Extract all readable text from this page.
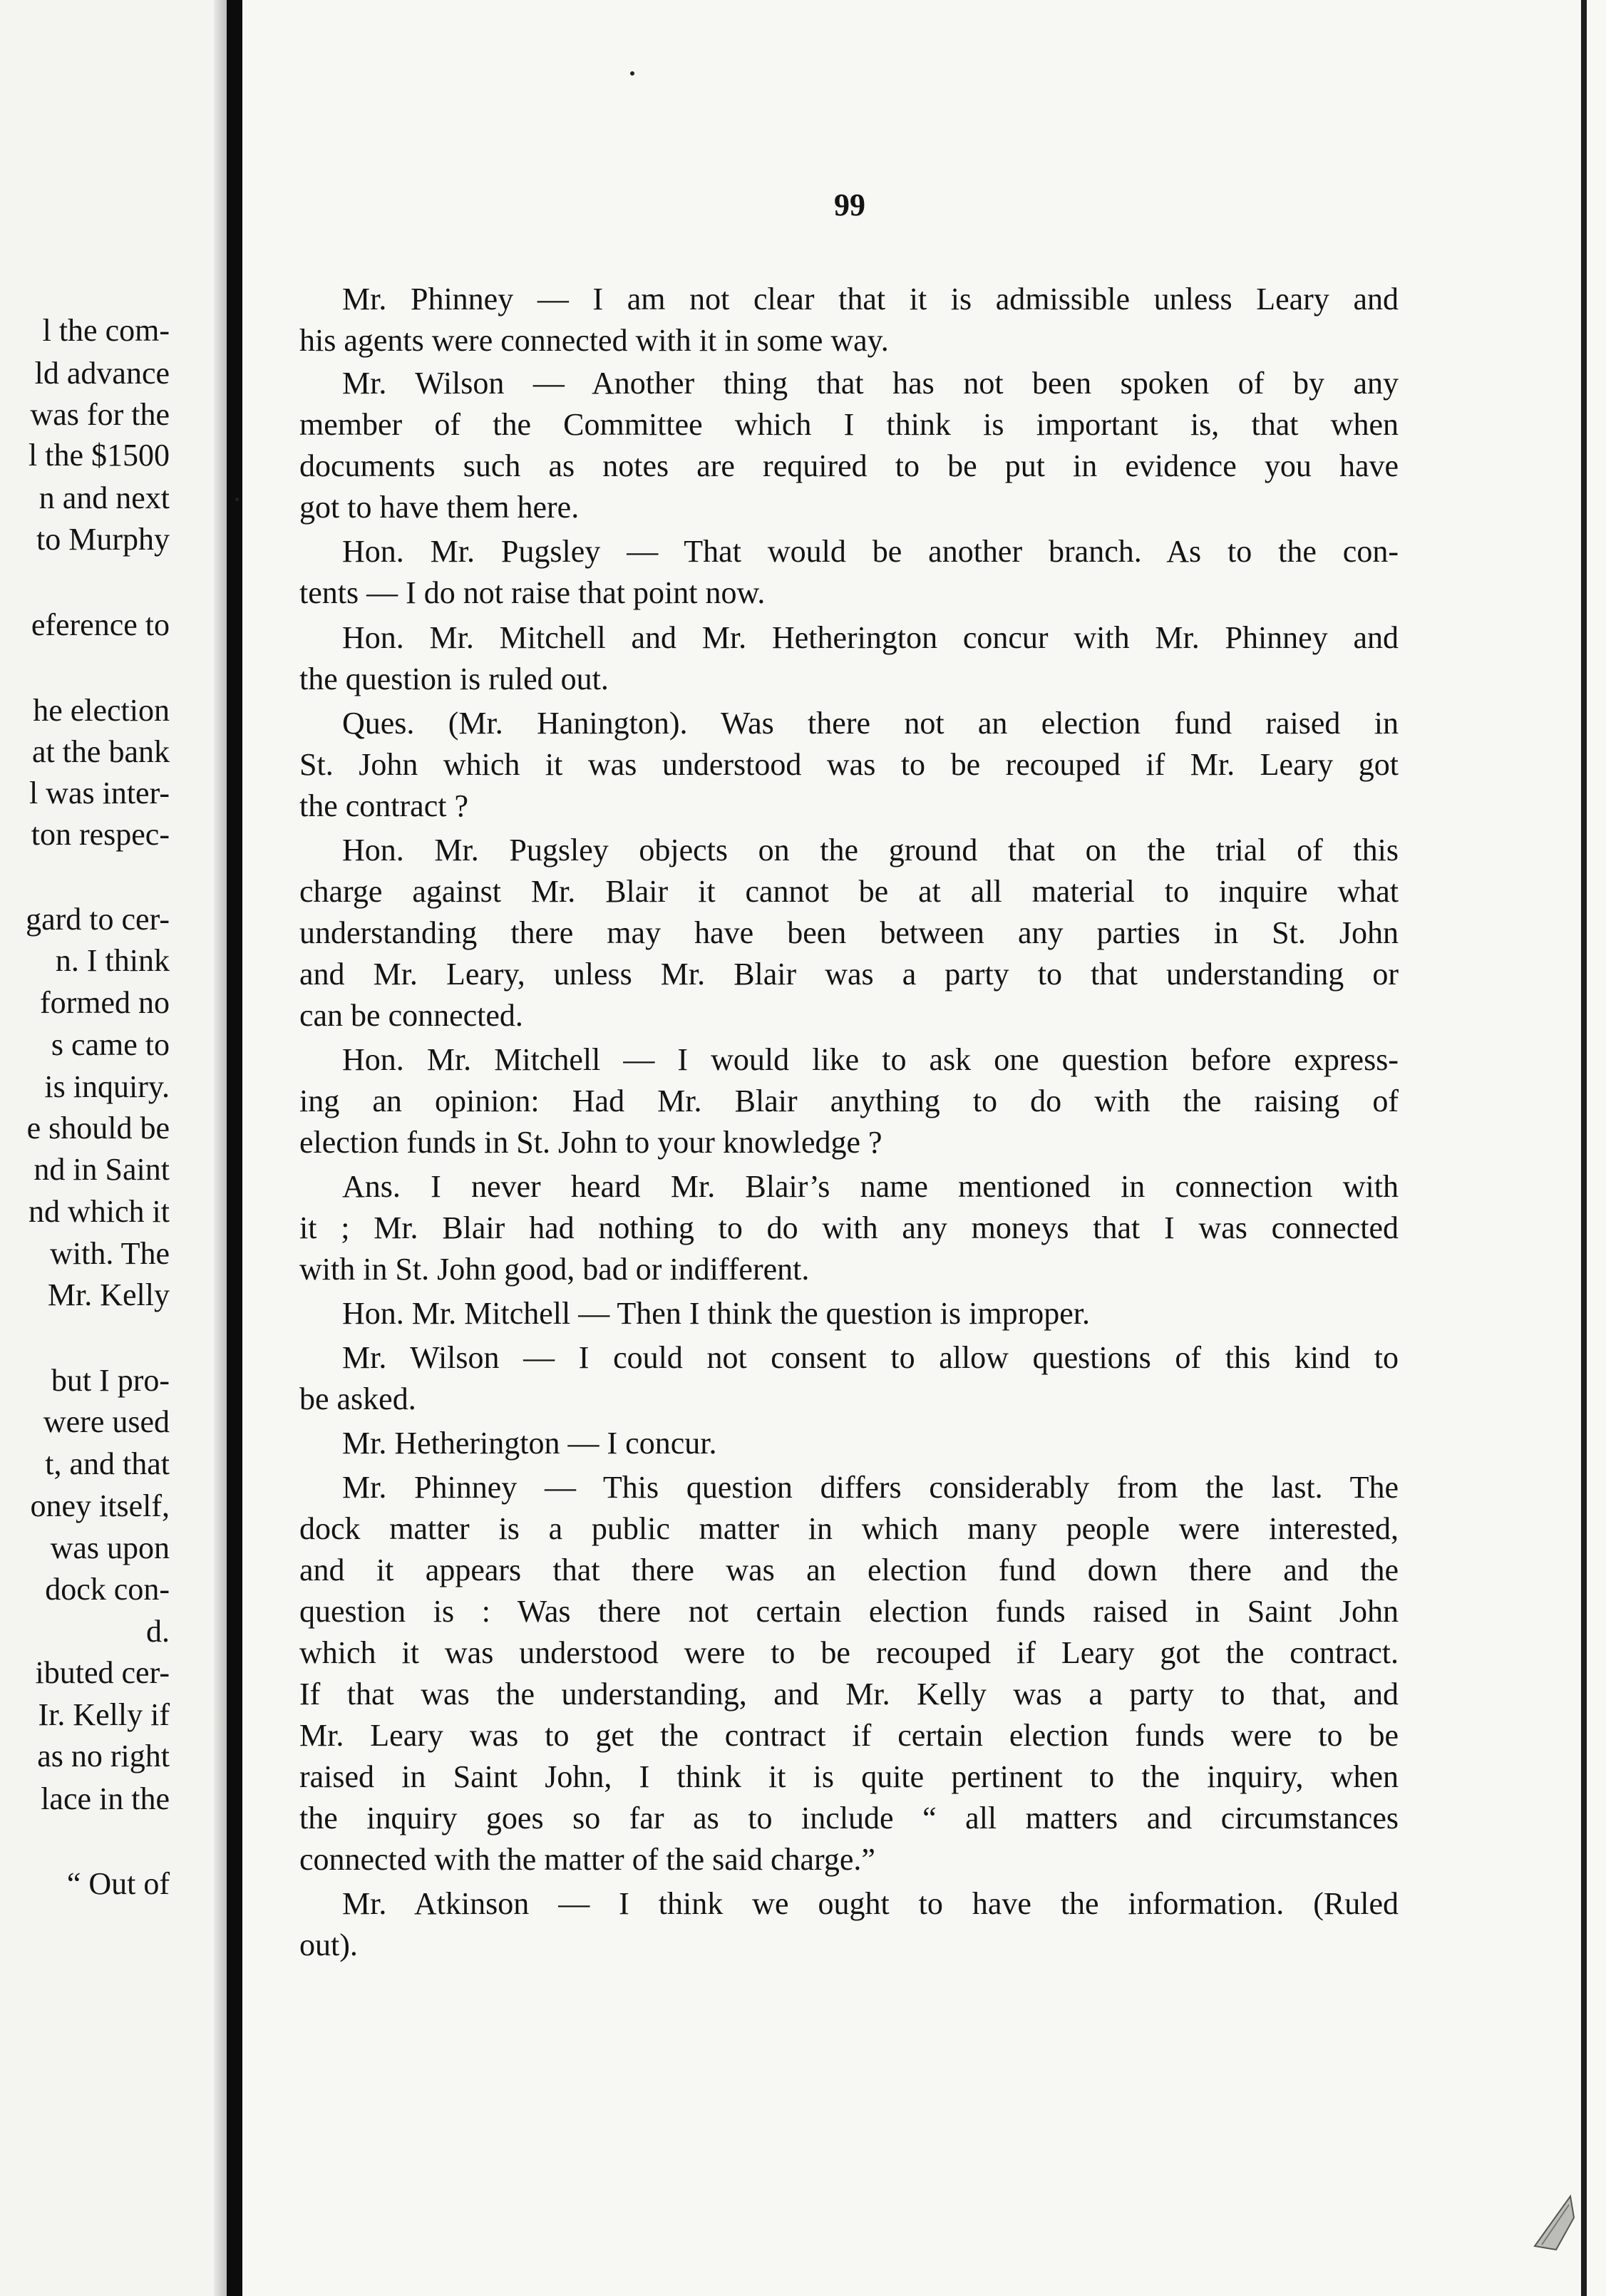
l the com-
ld advance
was for the
l the $1500
n and next
to Murphy
eference to
he election
at the bank
l was inter-
ton respec-
gard to cer-
n. I think
formed no
s came to
is inquiry.
e should be
nd in Saint
nd which it
with. The
Mr. Kelly
but I pro-
were used
t, and that
oney itself,
was upon
dock con-
d.
ibuted cer-
Ir. Kelly if
as no right
lace in the
“ Out of
99
Mr. Phinney — I am not clear that it is admissible unless Leary and
his agents were connected with it in some way.
Mr. Wilson — Another thing that has not been spoken of by any
member of the Committee which I think is important is, that when
documents such as notes are required to be put in evidence you have
got to have them here.
Hon. Mr. Pugsley — That would be another branch. As to the con-
tents — I do not raise that point now.
Hon. Mr. Mitchell and Mr. Hetherington concur with Mr. Phinney and
the question is ruled out.
Ques. (Mr. Hanington). Was there not an election fund raised in
St. John which it was understood was to be recouped if Mr. Leary got
the contract ?
Hon. Mr. Pugsley objects on the ground that on the trial of this
charge against Mr. Blair it cannot be at all material to inquire what
understanding there may have been between any parties in St. John
and Mr. Leary, unless Mr. Blair was a party to that understanding or
can be connected.
Hon. Mr. Mitchell — I would like to ask one question before express-
ing an opinion: Had Mr. Blair anything to do with the raising of
election funds in St. John to your knowledge ?
Ans. I never heard Mr. Blair’s name mentioned in connection with
it ; Mr. Blair had nothing to do with any moneys that I was connected
with in St. John good, bad or indifferent.
Hon. Mr. Mitchell — Then I think the question is improper.
Mr. Wilson — I could not consent to allow questions of this kind to
be asked.
Mr. Hetherington — I concur.
Mr. Phinney — This question differs considerably from the last. The
dock matter is a public matter in which many people were interested,
and it appears that there was an election fund down there and the
question is : Was there not certain election funds raised in Saint John
which it was understood were to be recouped if Leary got the contract.
If that was the understanding, and Mr. Kelly was a party to that, and
Mr. Leary was to get the contract if certain election funds were to be
raised in Saint John, I think it is quite pertinent to the inquiry, when
the inquiry goes so far as to include “ all matters and circumstances
connected with the matter of the said charge.”
Mr. Atkinson — I think we ought to have the information. (Ruled
out).
